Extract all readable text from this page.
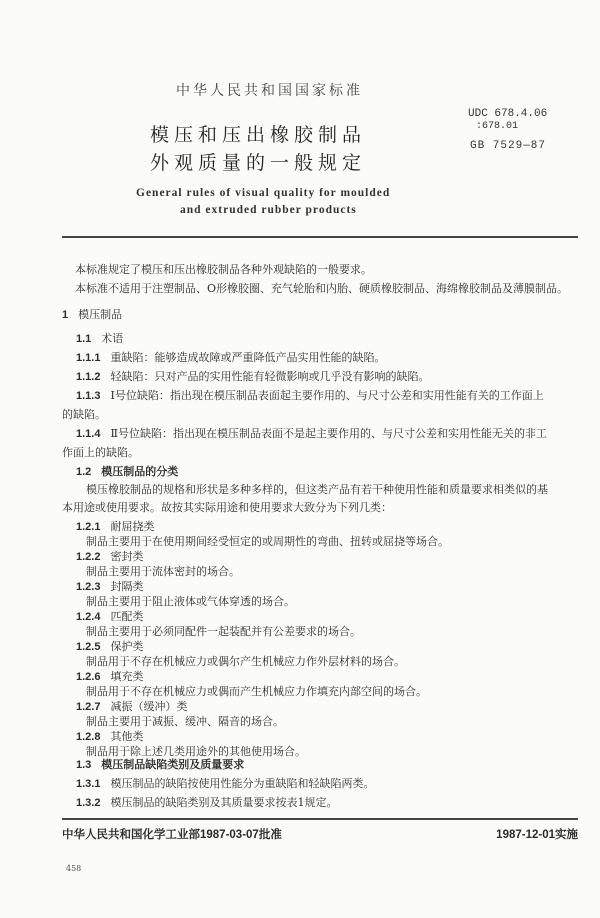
中华人民共和国国家标准
UDC 678.4.06
:678.01
GB 7529—87
模压和压出橡胶制品
外观质量的一般规定
General rules of visual quality for moulded
and extruded rubber products
本标准规定了模压和压出橡胶制品各种外观缺陷的一般要求。
本标准不适用于注塑制品、O形橡胶圈、充气轮胎和内胎、硬质橡胶制品、海绵橡胶制品及薄膜制品。
1 模压制品
1.1 术语
1.1.1 重缺陷：能够造成故障或严重降低产品实用性能的缺陷。
1.1.2 轻缺陷：只对产品的实用性能有轻微影响或几乎没有影响的缺陷。
1.1.3 Ⅰ号位缺陷：指出现在模压制品表面起主要作用的、与尺寸公差和实用性能有关的工作面上
的缺陷。
1.1.4 Ⅱ号位缺陷：指出现在模压制品表面不是起主要作用的、与尺寸公差和实用性能无关的非工
作面上的缺陷。
1.2 模压制品的分类
模压橡胶制品的规格和形状是多种多样的，但这类产品有若干种使用性能和质量要求相类似的基
本用途或使用要求。故按其实际用途和使用要求大致分为下列几类：
1.2.1 耐屈挠类
制品主要用于在使用期间经受恒定的或周期性的弯曲、扭转或屈挠等场合。
1.2.2 密封类
制品主要用于流体密封的场合。
1.2.3 封隔类
制品主要用于阻止液体或气体穿透的场合。
1.2.4 匹配类
制品主要用于必须同配件一起装配并有公差要求的场合。
1.2.5 保护类
制品用于不存在机械应力或偶尔产生机械应力作外层材料的场合。
1.2.6 填充类
制品用于不存在机械应力或偶而产生机械应力作填充内部空间的场合。
1.2.7 减振（缓冲）类
制品主要用于减振、缓冲、隔音的场合。
1.2.8 其他类
制品用于除上述几类用途外的其他使用场合。
1.3 模压制品缺陷类别及质量要求
1.3.1 模压制品的缺陷按使用性能分为重缺陷和轻缺陷两类。
1.3.2 模压制品的缺陷类别及其质量要求按表1规定。
中华人民共和国化学工业部1987-03-07批准	1987-12-01实施
458
